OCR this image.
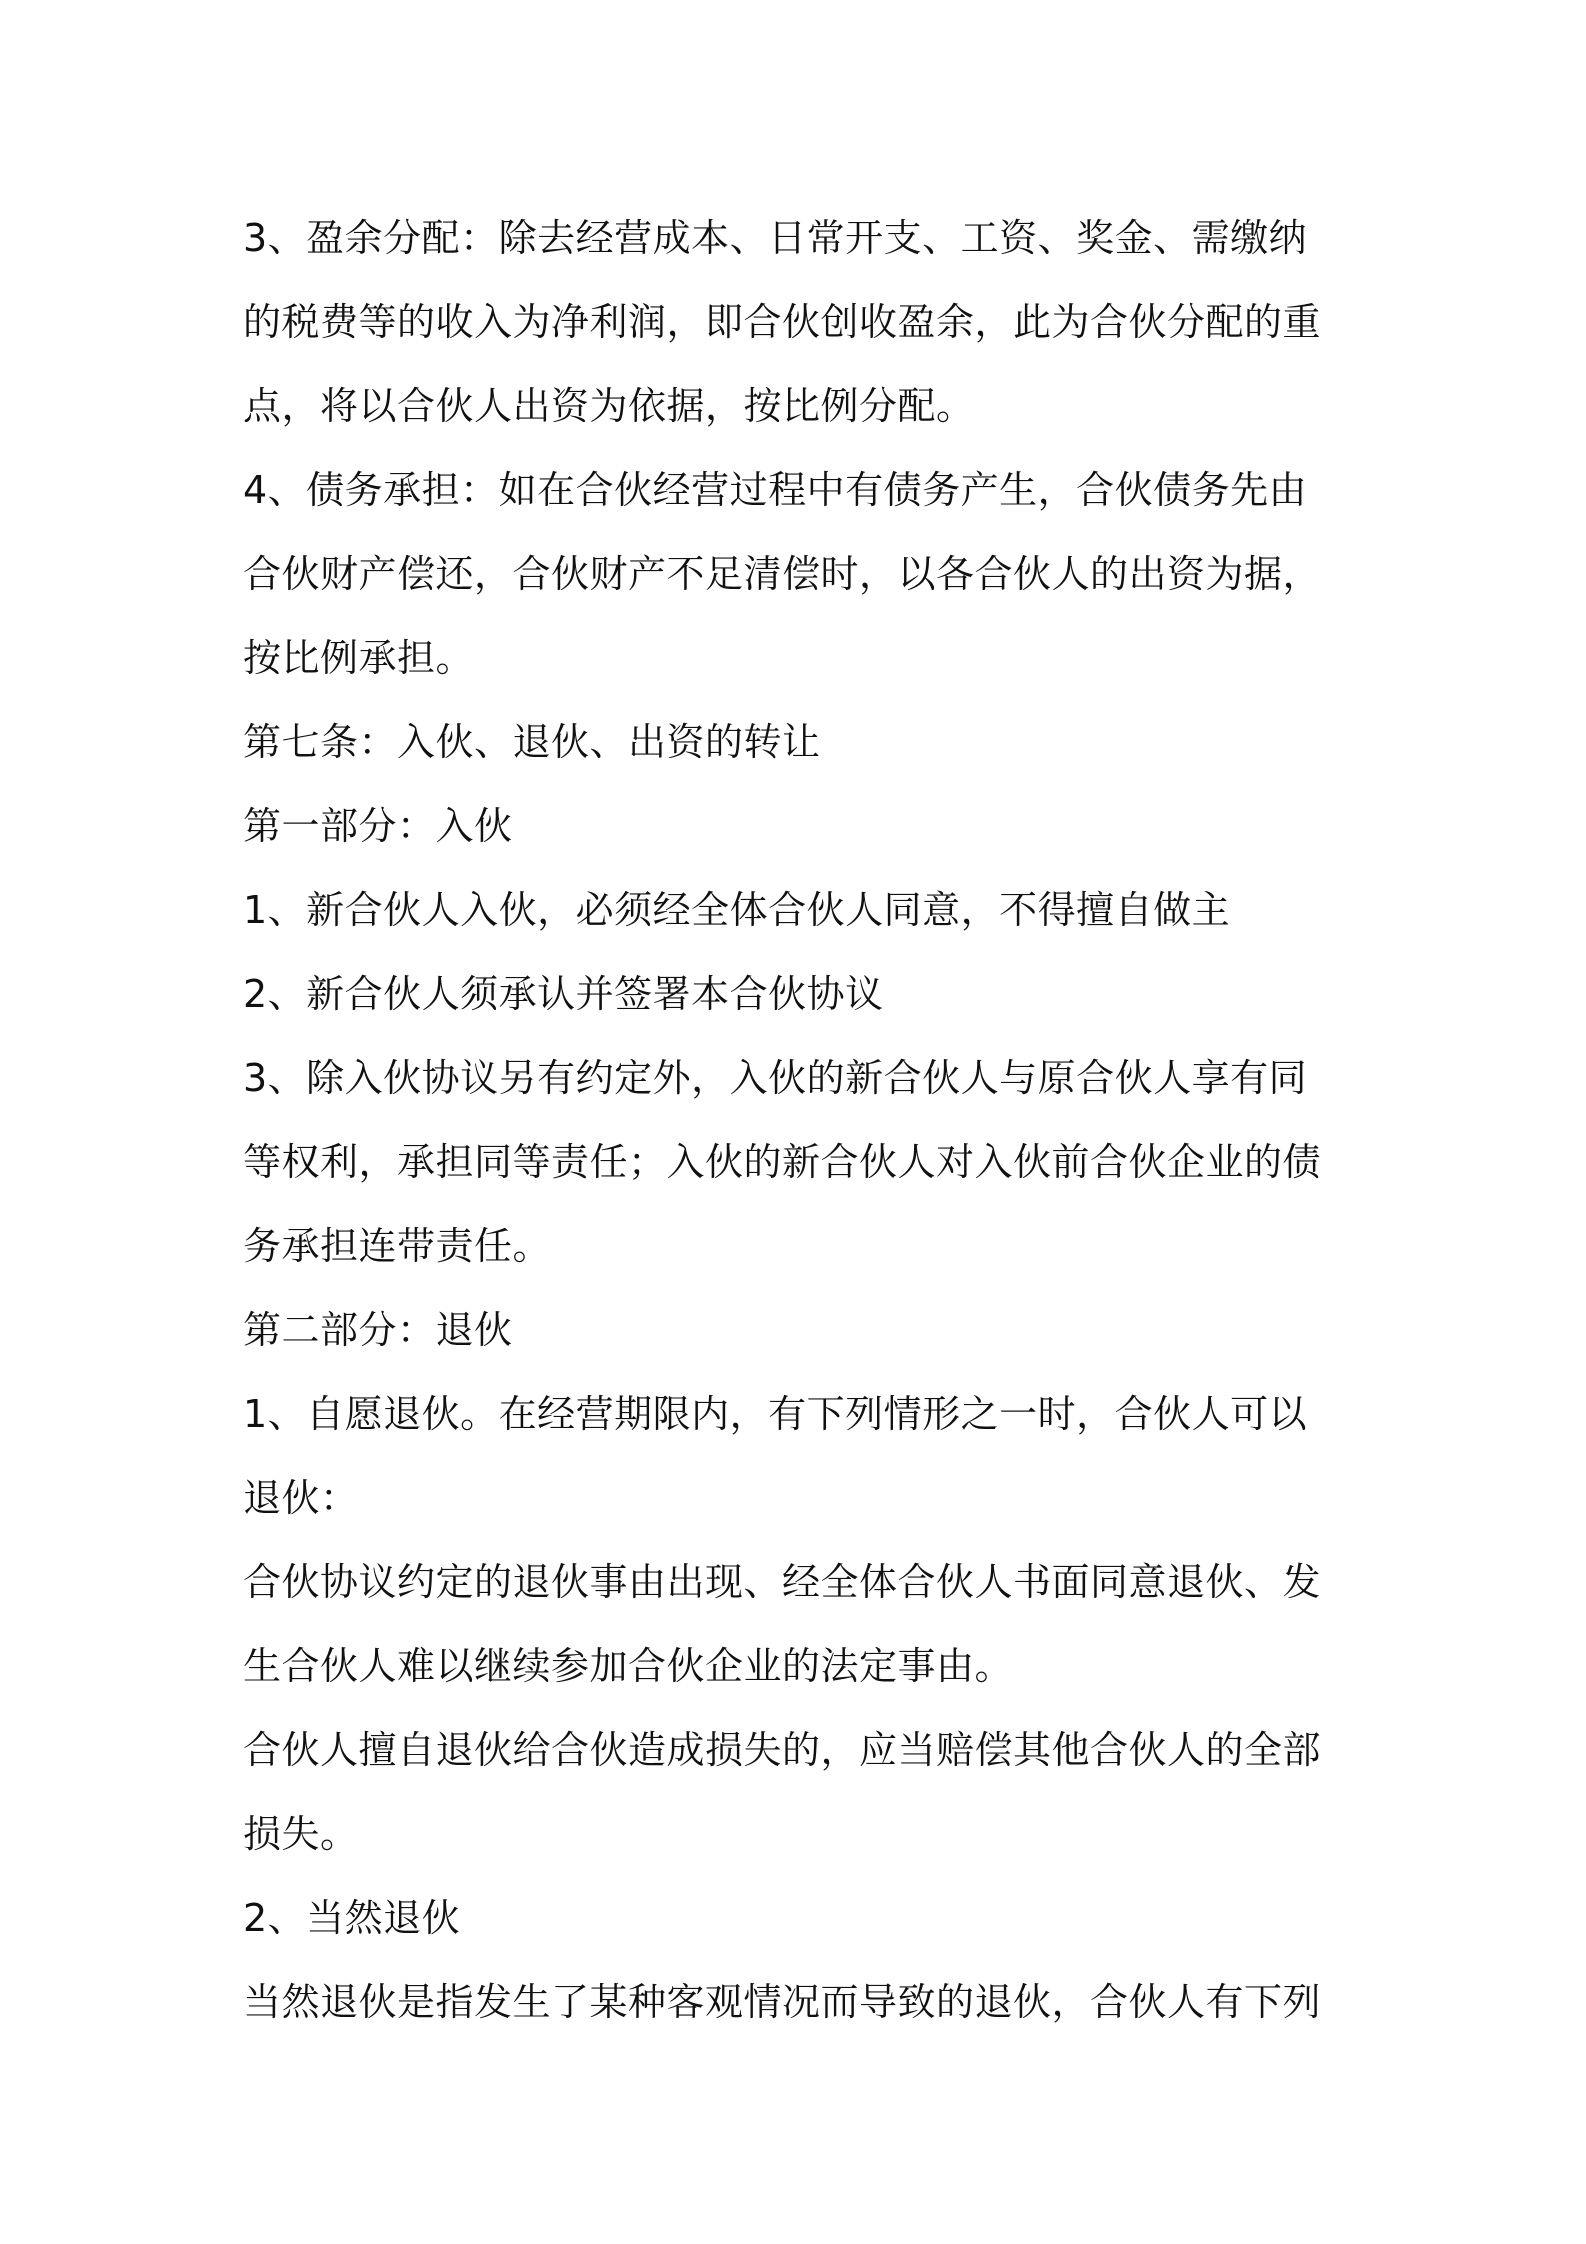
3、盈余分配：除去经营成本、日常开支、工资、奖金、需缴纳
的税费等的收入为净利润，即合伙创收盈余，此为合伙分配的重
点，将以合伙人出资为依据，按比例分配。
4、债务承担：如在合伙经营过程中有债务产生，合伙债务先由
合伙财产偿还，合伙财产不足清偿时，以各合伙人的出资为据，
按比例承担。
第七条：入伙、退伙、出资的转让
第一部分：入伙
1、新合伙人入伙，必须经全体合伙人同意，不得擅自做主
2、新合伙人须承认并签署本合伙协议
3、除入伙协议另有约定外，入伙的新合伙人与原合伙人享有同
等权利，承担同等责任；入伙的新合伙人对入伙前合伙企业的债
务承担连带责任。
第二部分：退伙
1、自愿退伙。在经营期限内，有下列情形之一时，合伙人可以
退伙：
合伙协议约定的退伙事由出现、经全体合伙人书面同意退伙、发
生合伙人难以继续参加合伙企业的法定事由。
合伙人擅自退伙给合伙造成损失的，应当赔偿其他合伙人的全部
损失。
2、当然退伙
当然退伙是指发生了某种客观情况而导致的退伙，合伙人有下列
